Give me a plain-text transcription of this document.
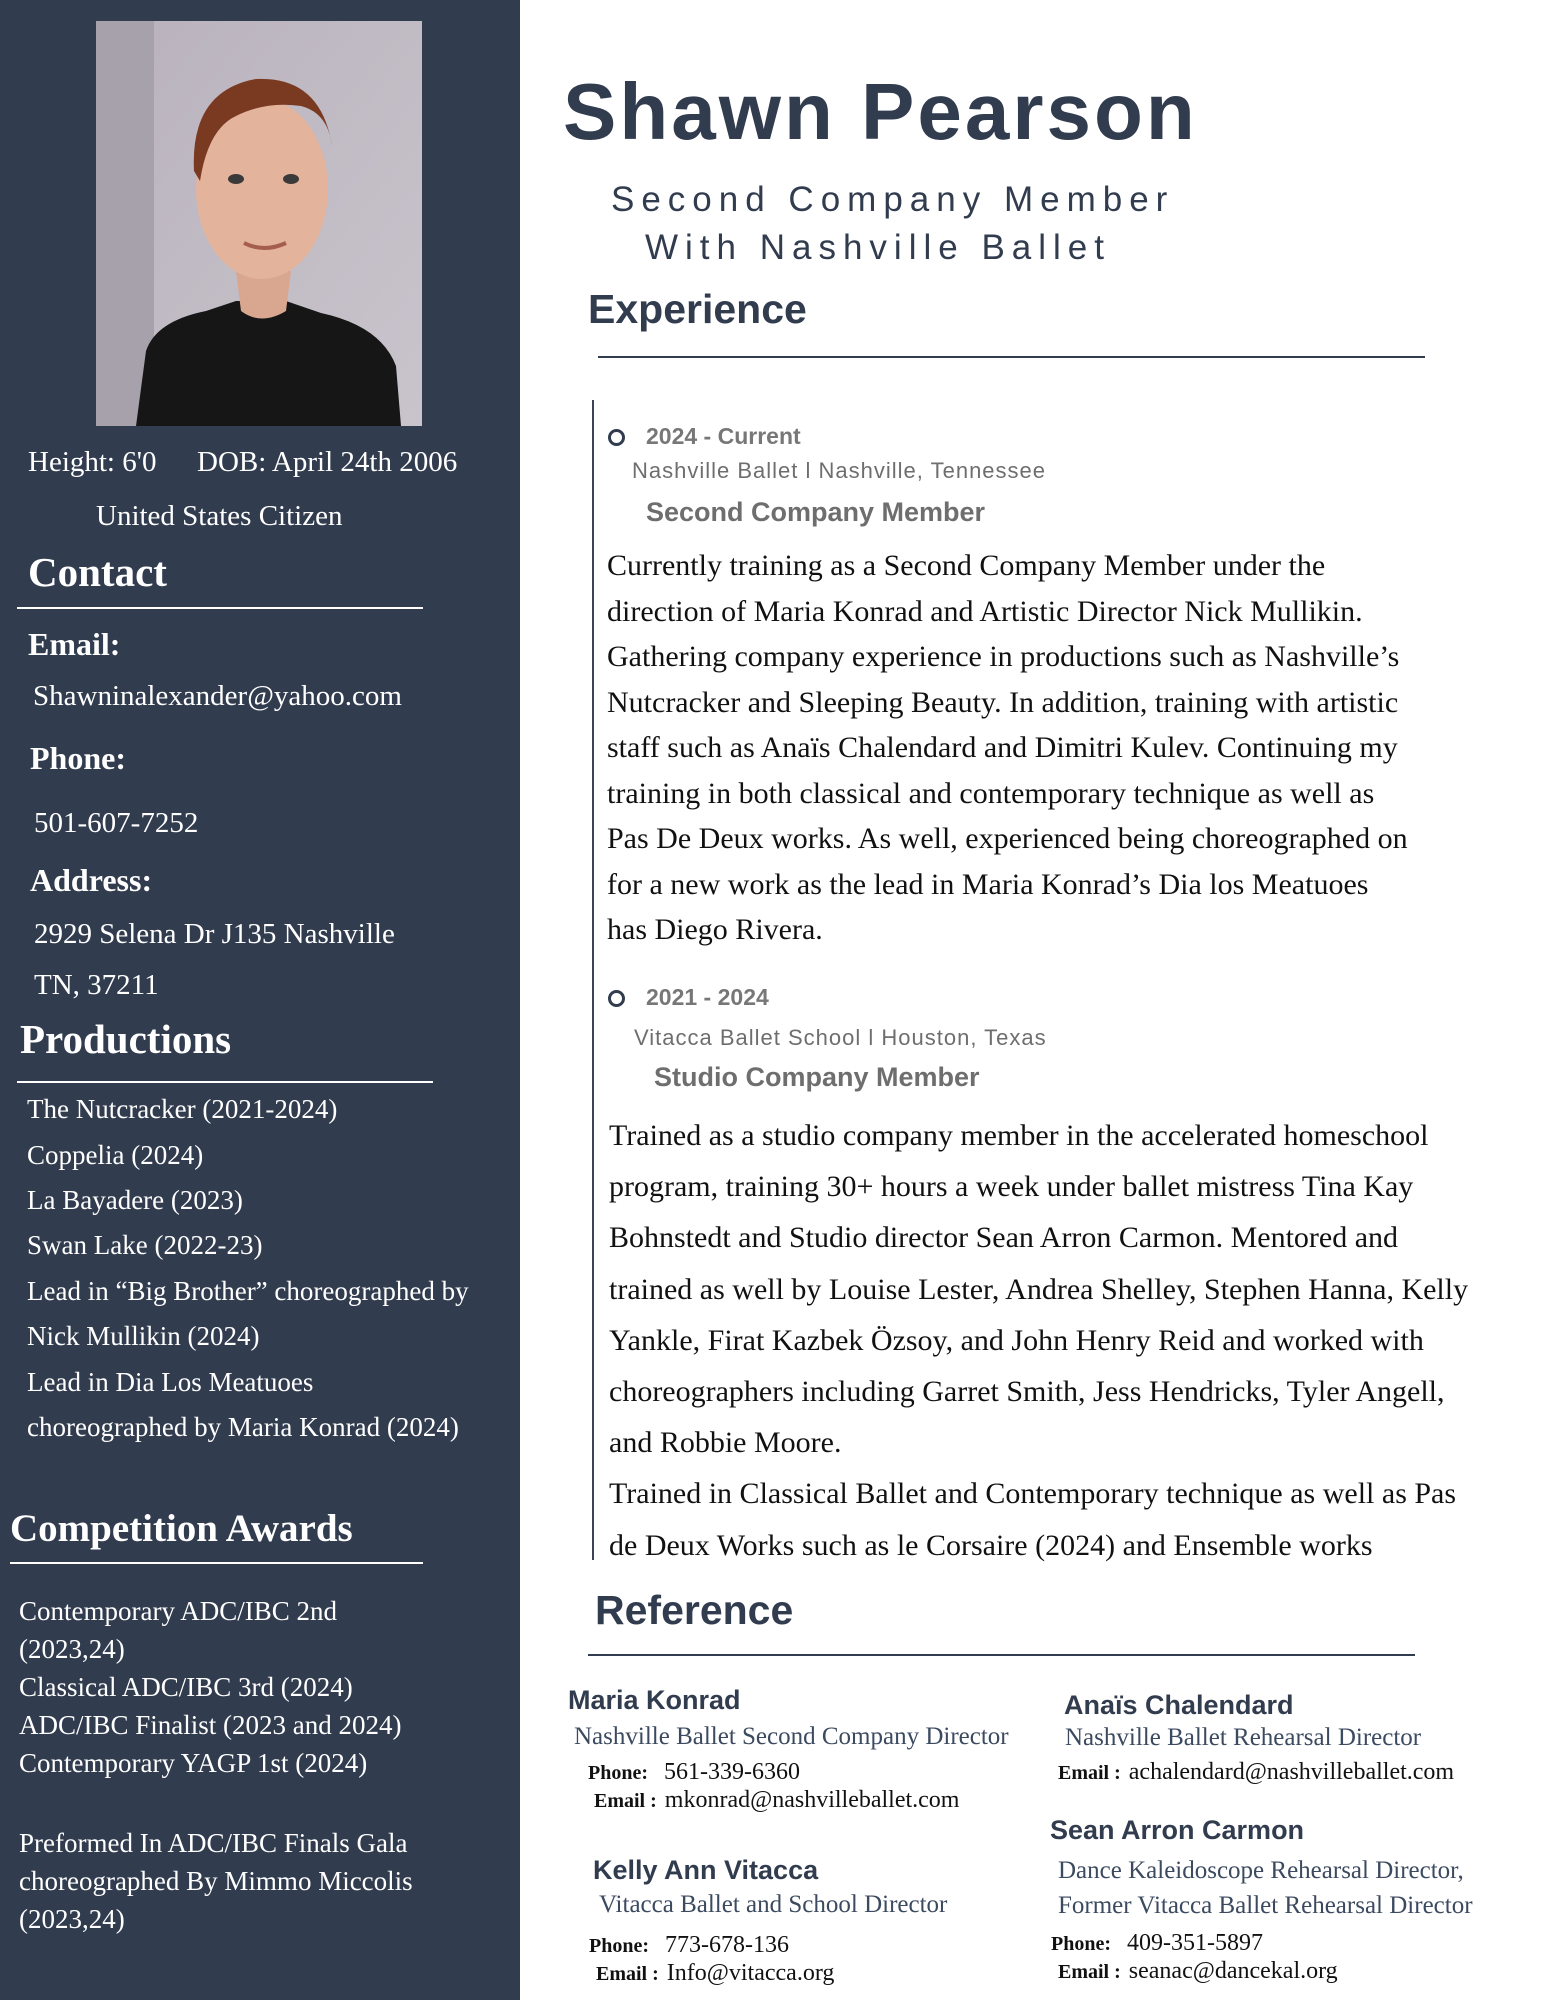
Height: 6'0 DOB: April 24th 2006
United States Citizen
Contact
Email:
Shawninalexander@yahoo.com
Phone:
501-607-7252
Address:
2929 Selena Dr J135 Nashville
TN, 37211
Productions
The Nutcracker (2021-2024)
Coppelia (2024)
La Bayadere (2023)
Swan Lake (2022-23)
Lead in “Big Brother” choreographed by
Nick Mullikin (2024)
Lead in Dia Los Meatuoes
choreographed by Maria Konrad (2024)
Competition Awards
Contemporary ADC/IBC 2nd
(2023,24)
Classical ADC/IBC 3rd (2024)
ADC/IBC Finalist (2023 and 2024)
Contemporary YAGP 1st (2024)
Preformed In ADC/IBC Finals Gala
choreographed By Mimmo Miccolis
(2023,24)
Shawn Pearson
Second Company Member
With Nashville Ballet
Experience
2024 - Current
Nashville Ballet l Nashville, Tennessee
Second Company Member
Currently training as a Second Company Member under the
direction of Maria Konrad and Artistic Director Nick Mullikin.
Gathering company experience in productions such as Nashville’s
Nutcracker and Sleeping Beauty. In addition, training with artistic
staff such as Anaïs Chalendard and Dimitri Kulev. Continuing my
training in both classical and contemporary technique as well as
Pas De Deux works. As well, experienced being choreographed on
for a new work as the lead in Maria Konrad’s Dia los Meatuoes
has Diego Rivera.
2021 - 2024
Vitacca Ballet School l Houston, Texas
Studio Company Member
Trained as a studio company member in the accelerated homeschool
program, training 30+ hours a week under ballet mistress Tina Kay
Bohnstedt and Studio director Sean Arron Carmon. Mentored and
trained as well by Louise Lester, Andrea Shelley, Stephen Hanna, Kelly
Yankle, Firat Kazbek Özsoy, and John Henry Reid and worked with
choreographers including Garret Smith, Jess Hendricks, Tyler Angell,
and Robbie Moore.
Trained in Classical Ballet and Contemporary technique as well as Pas
de Deux Works such as le Corsaire (2024) and Ensemble works
Reference
Maria Konrad
Nashville Ballet Second Company Director
Phone: 561-339-6360
Email : mkonrad@nashvilleballet.com
Anaïs Chalendard
Nashville Ballet Rehearsal Director
Email : achalendard@nashvilleballet.com
Sean Arron Carmon
Dance Kaleidoscope Rehearsal Director,
Former Vitacca Ballet Rehearsal Director
Phone: 409-351-5897
Email : seanac@dancekal.org
Kelly Ann Vitacca
Vitacca Ballet and School Director
Phone: 773-678-136
Email : Info@vitacca.org
